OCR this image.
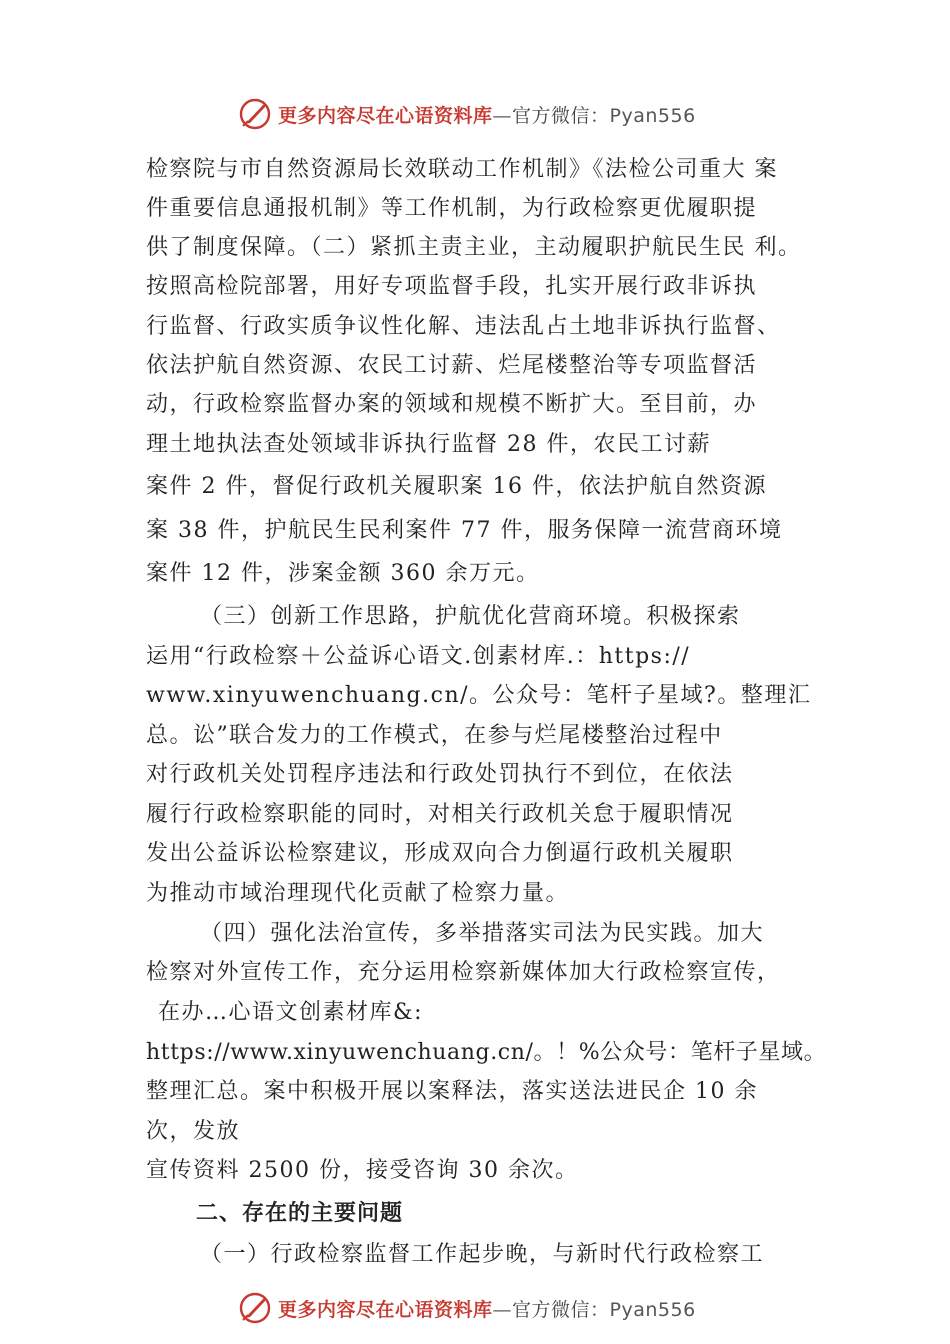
更多内容尽在心语资料库—官方微信：Pyan556
检察院与市自然资源局长效联动工作机制》《法检公司重大 案
件重要信息通报机制》等工作机制，为行政检察更优履职提
供了制度保障。（二）紧抓主责主业，主动履职护航民生民 利。
按照高检院部署，用好专项监督手段，扎实开展行政非诉执
行监督、行政实质争议性化解、违法乱占土地非诉执行监督、
依法护航自然资源、农民工讨薪、烂尾楼整治等专项监督活
动，行政检察监督办案的领域和规模不断扩大。至目前，办
理土地执法查处领域非诉执行监督 28 件，农民工讨薪
案件 2 件，督促行政机关履职案 16 件，依法护航自然资源
案 38 件，护航民生民利案件 77 件，服务保障一流营商环境
案件 12 件，涉案金额 360 余万元。
（三）创新工作思路，护航优化营商环境。积极探索
运用“行政检察＋公益诉心语文.创素材库.：https://
www.xinyuwenchuang.cn/。公众号：笔杆子星域?。整理汇
总。讼”联合发力的工作模式，在参与烂尾楼整治过程中
对行政机关处罚程序违法和行政处罚执行不到位，在依法
履行行政检察职能的同时，对相关行政机关怠于履职情况
发出公益诉讼检察建议，形成双向合力倒逼行政机关履职
为推动市域治理现代化贡献了检察力量。
（四）强化法治宣传，多举措落实司法为民实践。加大
检察对外宣传工作，充分运用检察新媒体加大行政检察宣传，
在办…心语文创素材库&:
https://www.xinyuwenchuang.cn/。！%公众号：笔杆子星域。
整理汇总。案中积极开展以案释法，落实送法进民企 10 余
次，发放
宣传资料 2500 份，接受咨询 30 余次。
二、存在的主要问题
（一）行政检察监督工作起步晚，与新时代行政检察工
更多内容尽在心语资料库—官方微信：Pyan556
